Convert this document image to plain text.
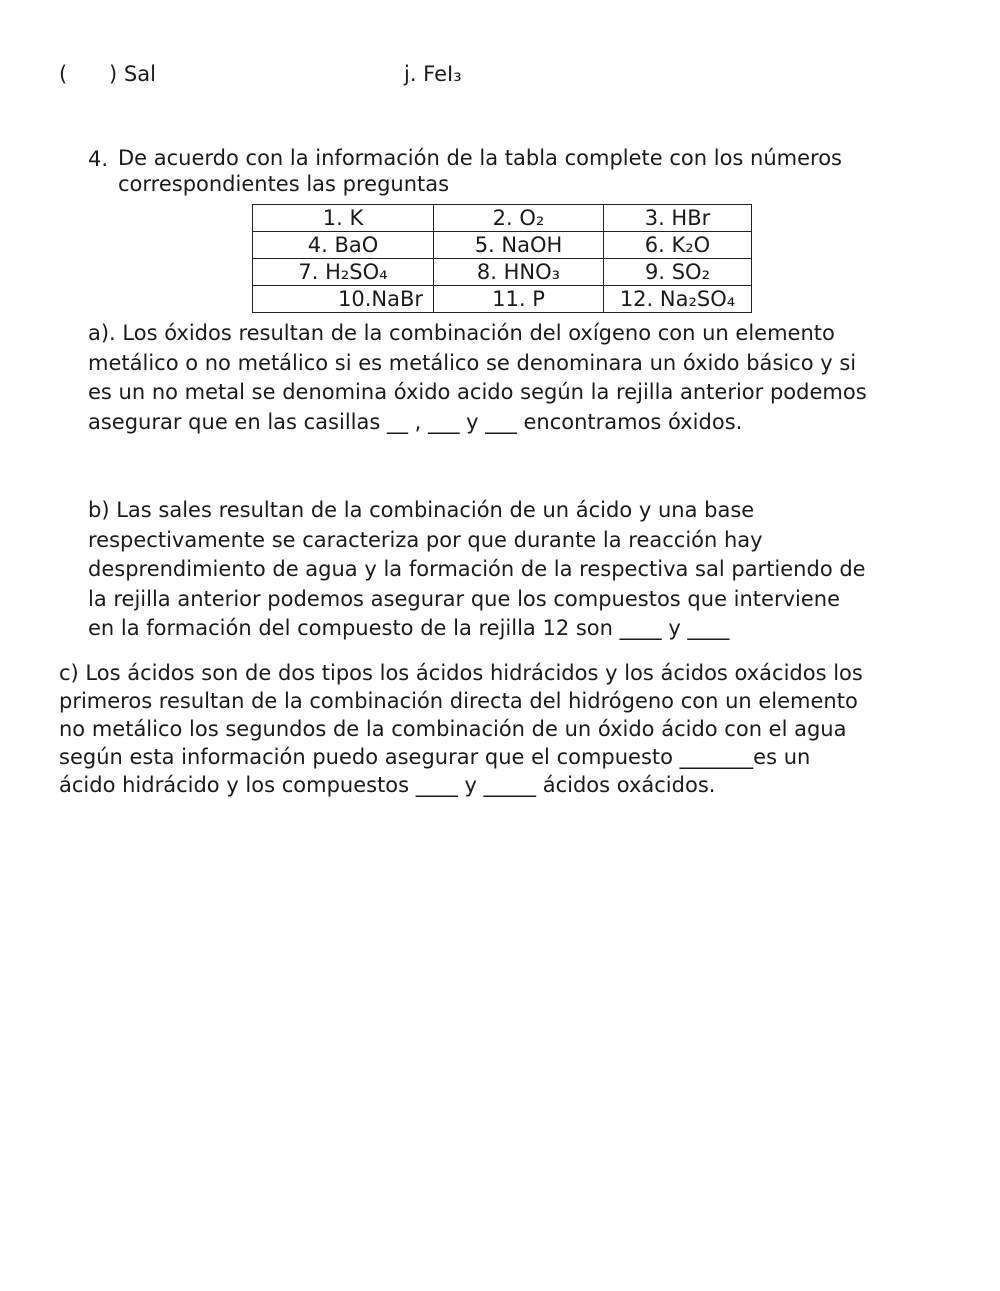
( ) Sal	j. FeI₃
4. De acuerdo con la información de la tabla complete con los números
correspondientes las preguntas
1. K	2. O₂	3. HBr
4. BaO	5. NaOH	6. K₂O
7. H₂SO₄	8. HNO₃	9. SO₂
10.NaBr	11. P	12. Na₂SO₄
a). Los óxidos resultan de la combinación del oxígeno con un elemento
metálico o no metálico si es metálico se denominara un óxido básico y si
es un no metal se denomina óxido acido según la rejilla anterior podemos
asegurar que en las casillas __ , ___ y ___ encontramos óxidos.
b) Las sales resultan de la combinación de un ácido y una base
respectivamente se caracteriza por que durante la reacción hay
desprendimiento de agua y la formación de la respectiva sal partiendo de
la rejilla anterior podemos asegurar que los compuestos que interviene
en la formación del compuesto de la rejilla 12 son ____ y ____
c) Los ácidos son de dos tipos los ácidos hidrácidos y los ácidos oxácidos los
primeros resultan de la combinación directa del hidrógeno con un elemento
no metálico los segundos de la combinación de un óxido ácido con el agua
según esta información puedo asegurar que el compuesto _______es un
ácido hidrácido y los compuestos ____ y _____ ácidos oxácidos.
